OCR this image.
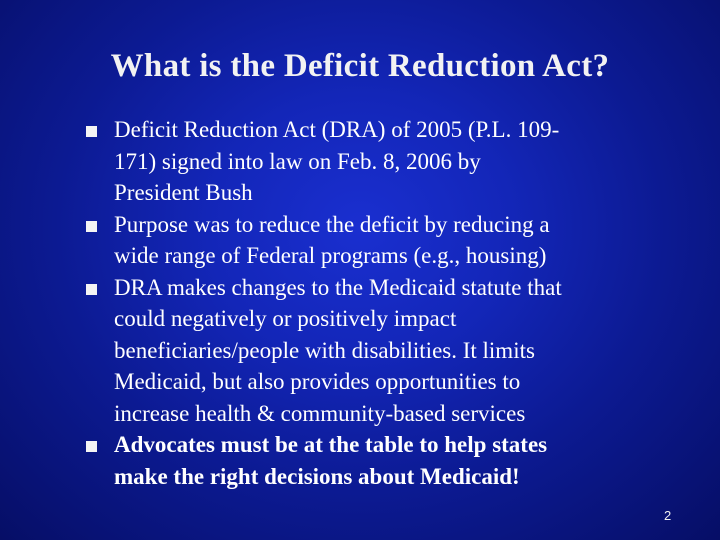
What is the Deficit Reduction Act?
Deficit Reduction Act (DRA) of 2005 (P.L. 109-
171) signed into law on Feb. 8, 2006 by
President Bush
Purpose was to reduce the deficit by reducing a
wide range of Federal programs (e.g., housing)
DRA makes changes to the Medicaid statute that
could negatively or positively impact
beneficiaries/people with disabilities. It limits
Medicaid, but also provides opportunities to
increase health & community-based services
Advocates must be at the table to help states
make the right decisions about Medicaid!
2
